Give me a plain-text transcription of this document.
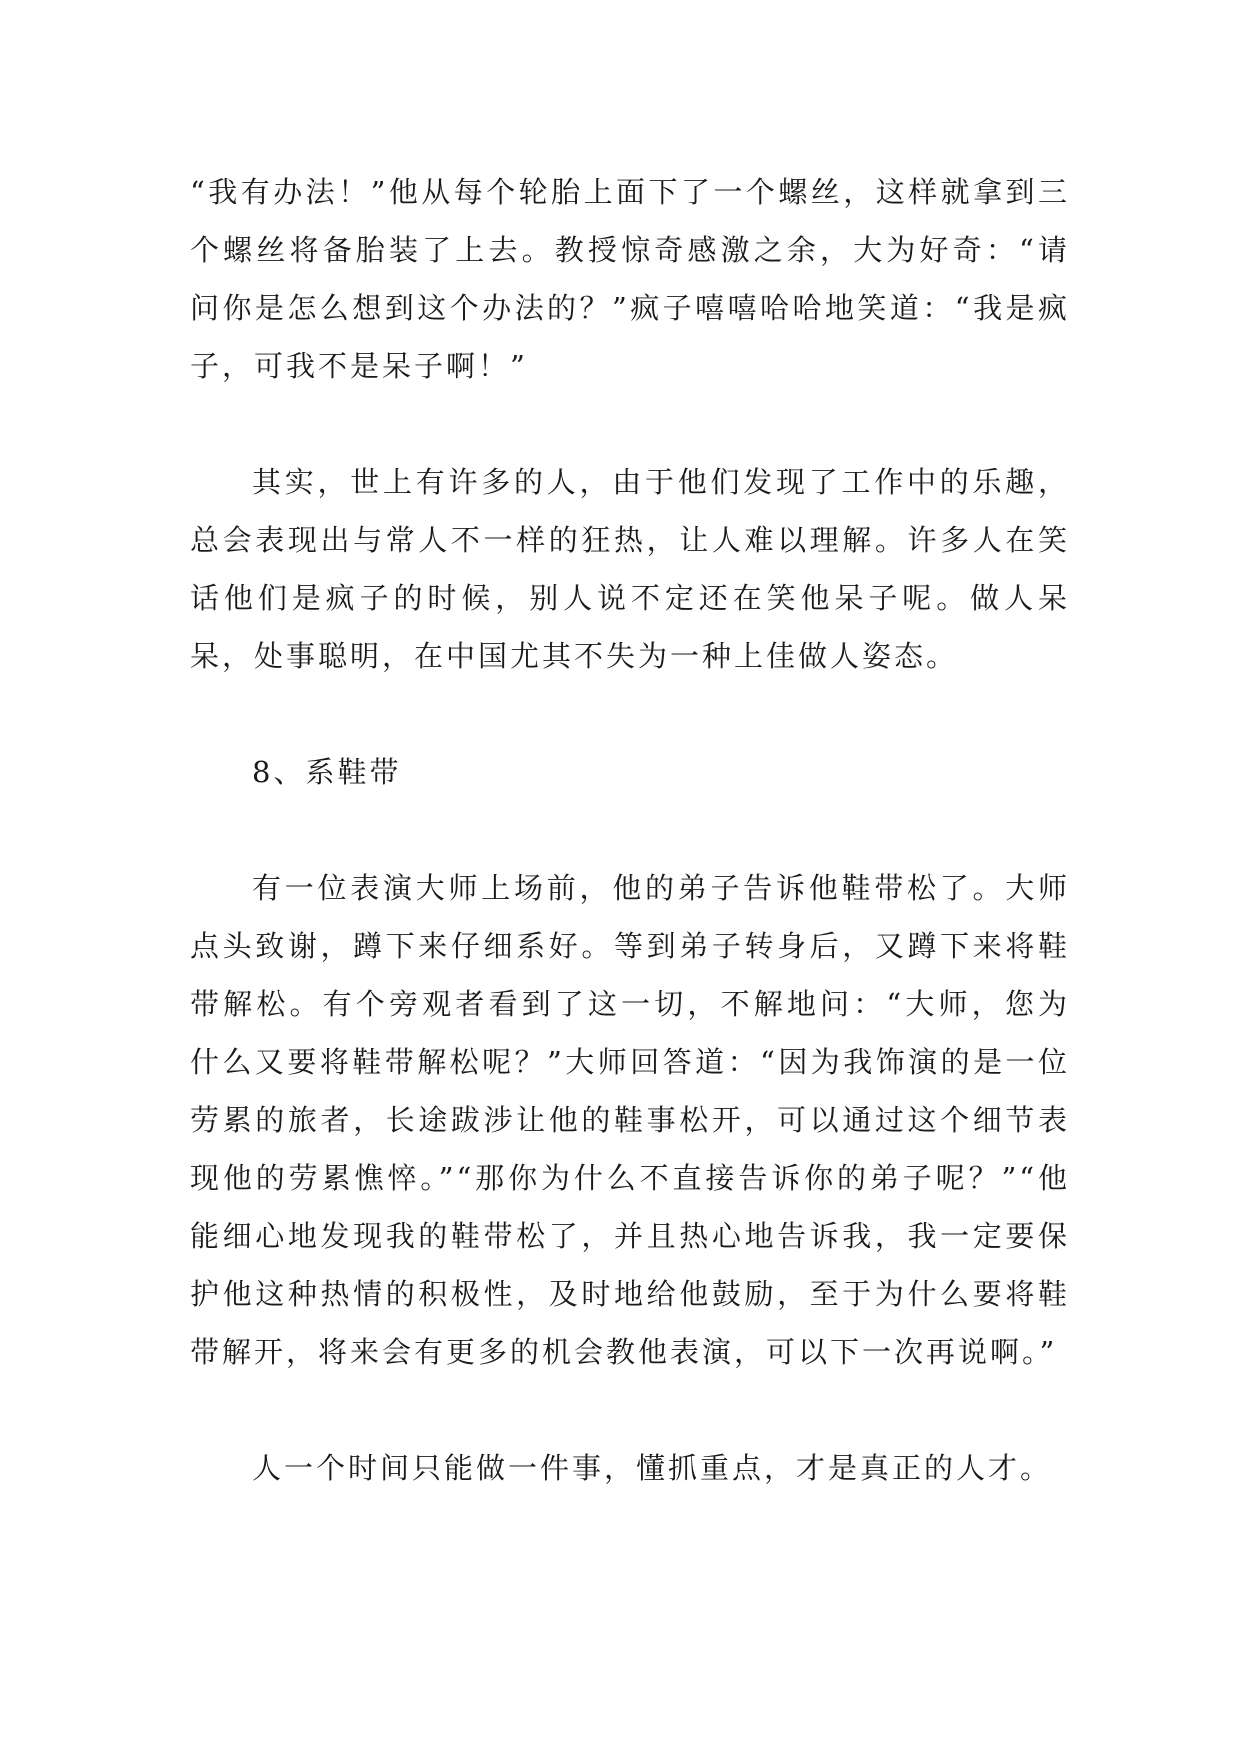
“我有办法！”他从每个轮胎上面下了一个螺丝，这样就拿到三个螺丝将备胎装了上去。教授惊奇感激之余，大为好奇：“请问你是怎么想到这个办法的？”疯子嘻嘻哈哈地笑道：“我是疯子，可我不是呆子啊！”

其实，世上有许多的人，由于他们发现了工作中的乐趣，总会表现出与常人不一样的狂热，让人难以理解。许多人在笑话他们是疯子的时候，别人说不定还在笑他呆子呢。做人呆呆，处事聪明，在中国尤其不失为一种上佳做人姿态。

8、系鞋带

有一位表演大师上场前，他的弟子告诉他鞋带松了。大师点头致谢，蹲下来仔细系好。等到弟子转身后，又蹲下来将鞋带解松。有个旁观者看到了这一切，不解地问：“大师，您为什么又要将鞋带解松呢？”大师回答道：“因为我饰演的是一位劳累的旅者，长途跋涉让他的鞋事松开，可以通过这个细节表现他的劳累憔悴。”“那你为什么不直接告诉你的弟子呢？”“他能细心地发现我的鞋带松了，并且热心地告诉我，我一定要保护他这种热情的积极性，及时地给他鼓励，至于为什么要将鞋带解开，将来会有更多的机会教他表演，可以下一次再说啊。”

人一个时间只能做一件事，懂抓重点，才是真正的人才。
